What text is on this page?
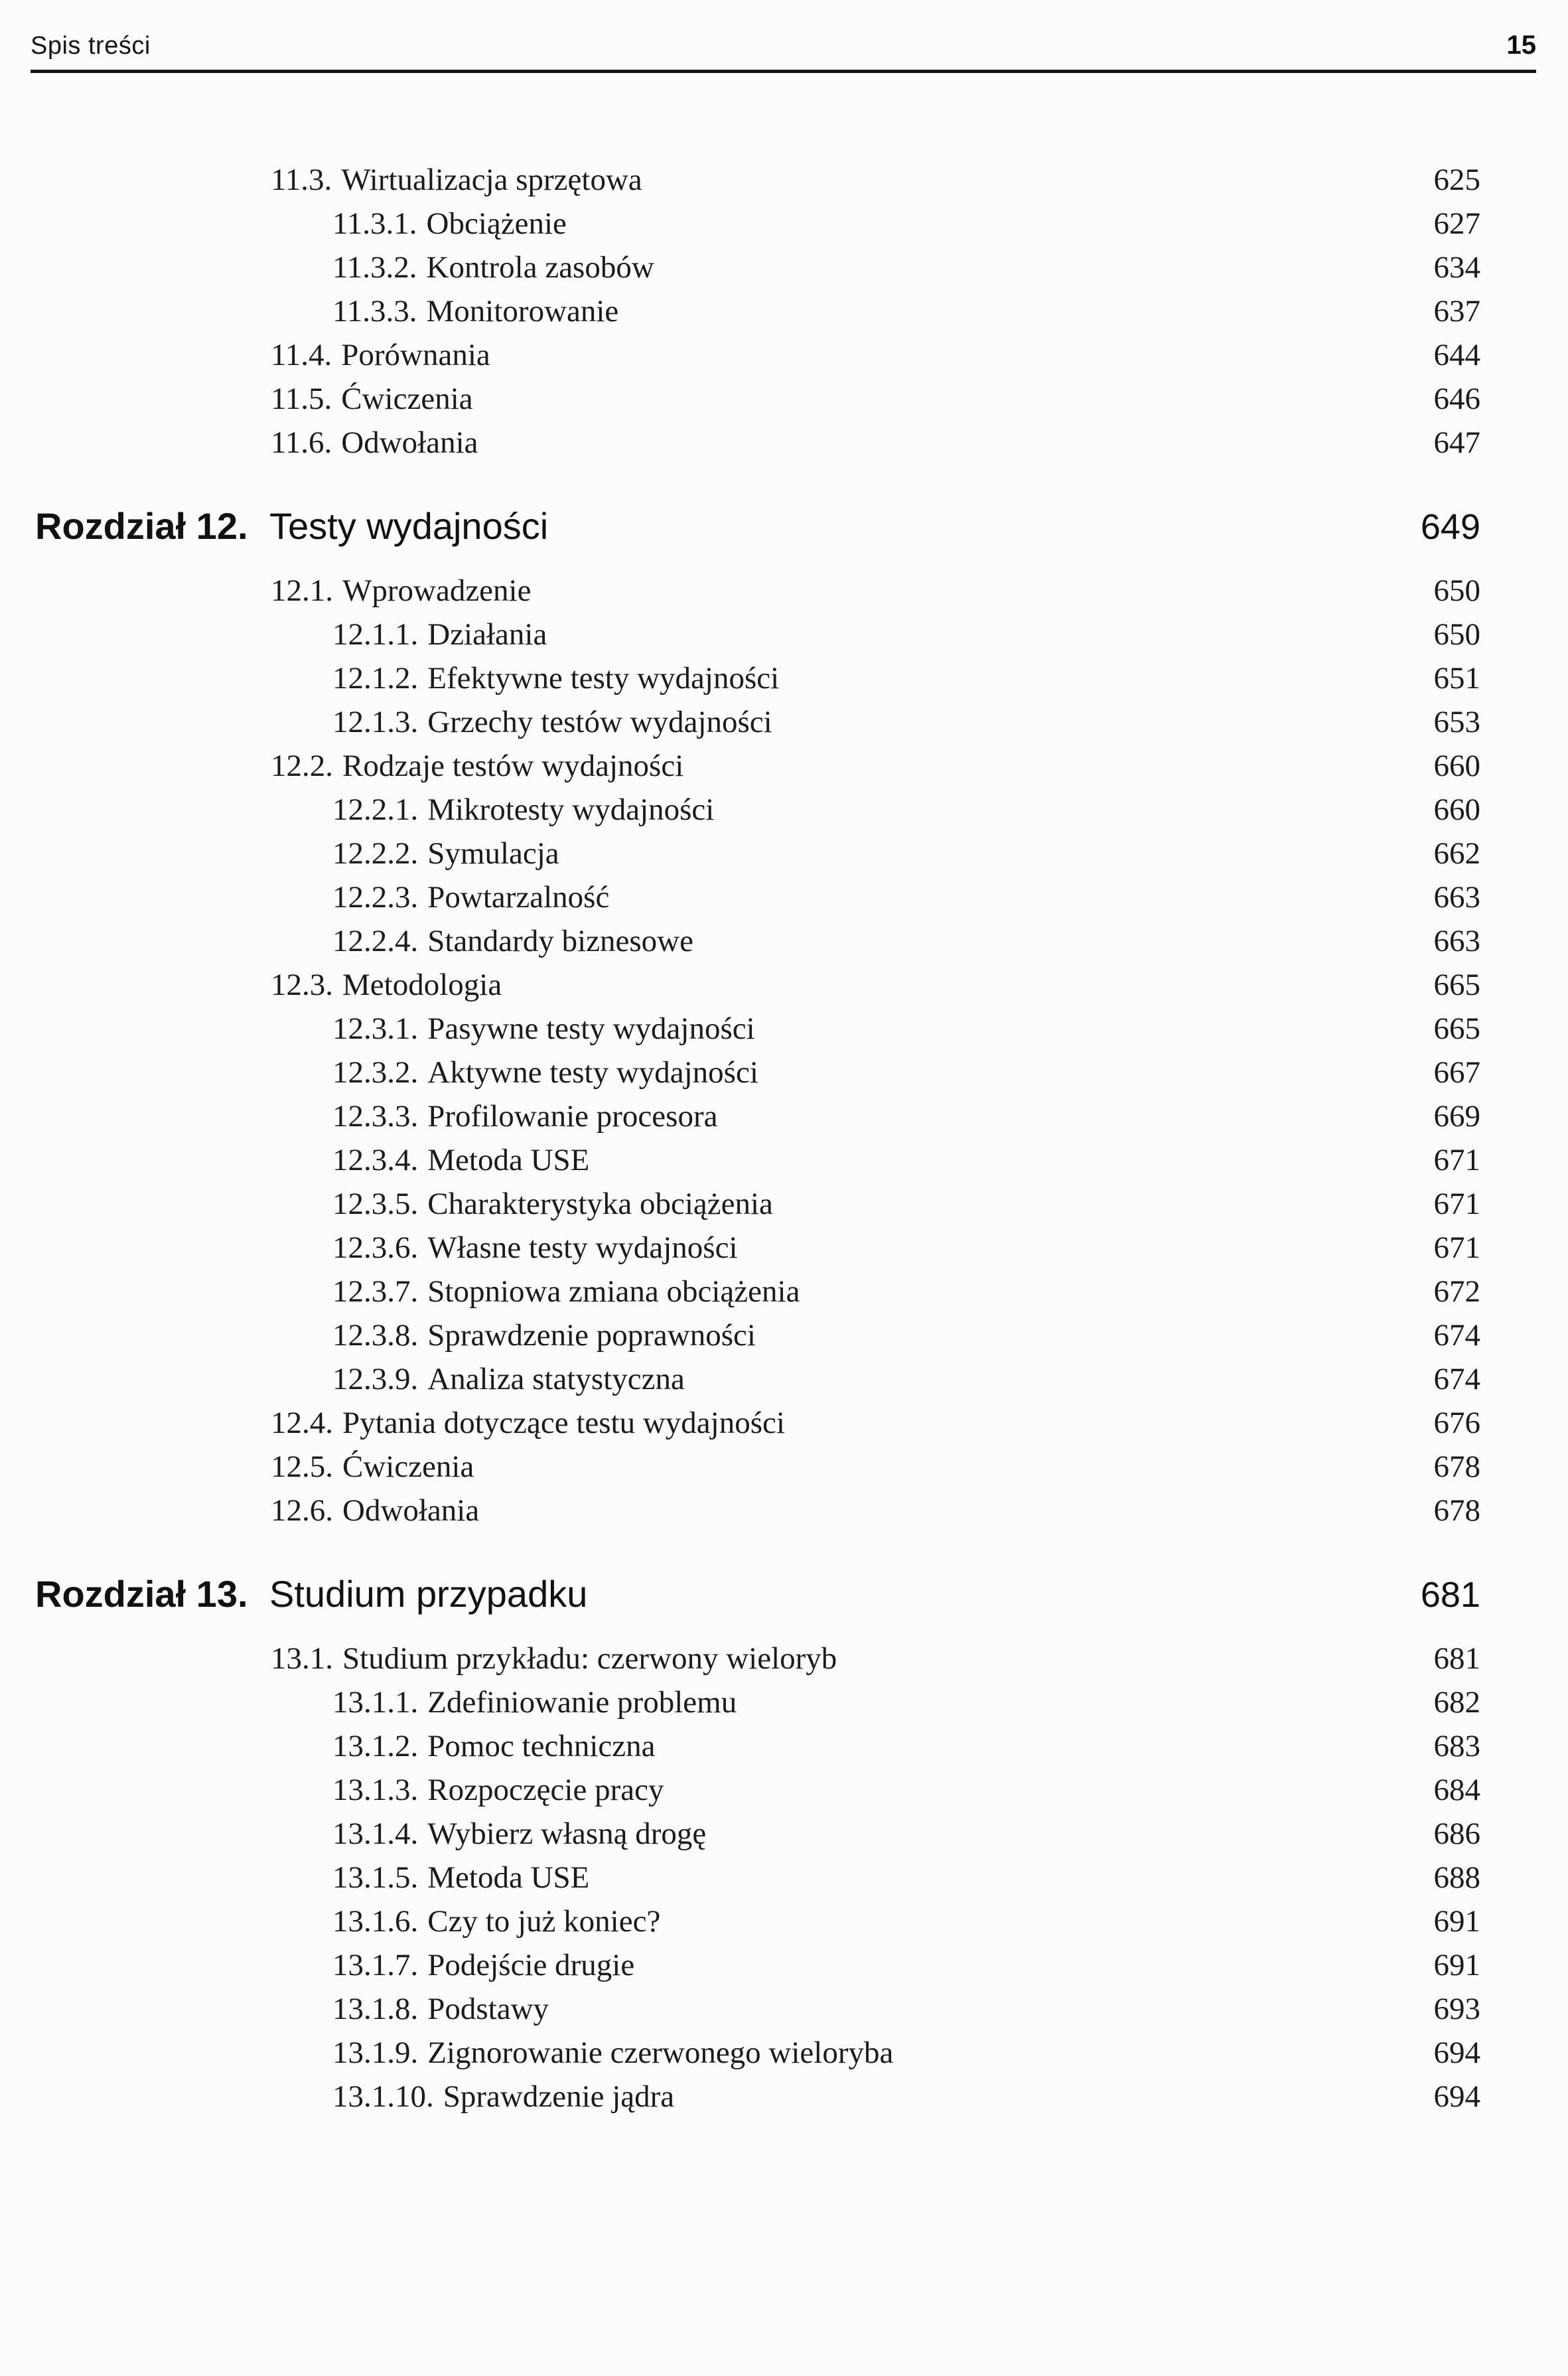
Spis treści	15
11.3. Wirtualizacja sprzętowa	625
11.3.1. Obciążenie	627
11.3.2. Kontrola zasobów	634
11.3.3. Monitorowanie	637
11.4. Porównania	644
11.5. Ćwiczenia	646
11.6. Odwołania	647
Rozdział 12. Testy wydajności	649
12.1. Wprowadzenie	650
12.1.1. Działania	650
12.1.2. Efektywne testy wydajności	651
12.1.3. Grzechy testów wydajności	653
12.2. Rodzaje testów wydajności	660
12.2.1. Mikrotesty wydajności	660
12.2.2. Symulacja	662
12.2.3. Powtarzalność	663
12.2.4. Standardy biznesowe	663
12.3. Metodologia	665
12.3.1. Pasywne testy wydajności	665
12.3.2. Aktywne testy wydajności	667
12.3.3. Profilowanie procesora	669
12.3.4. Metoda USE	671
12.3.5. Charakterystyka obciążenia	671
12.3.6. Własne testy wydajności	671
12.3.7. Stopniowa zmiana obciążenia	672
12.3.8. Sprawdzenie poprawności	674
12.3.9. Analiza statystyczna	674
12.4. Pytania dotyczące testu wydajności	676
12.5. Ćwiczenia	678
12.6. Odwołania	678
Rozdział 13. Studium przypadku	681
13.1. Studium przykładu: czerwony wieloryb	681
13.1.1. Zdefiniowanie problemu	682
13.1.2. Pomoc techniczna	683
13.1.3. Rozpoczęcie pracy	684
13.1.4. Wybierz własną drogę	686
13.1.5. Metoda USE	688
13.1.6. Czy to już koniec?	691
13.1.7. Podejście drugie	691
13.1.8. Podstawy	693
13.1.9. Zignorowanie czerwonego wieloryba	694
13.1.10. Sprawdzenie jądra	694
